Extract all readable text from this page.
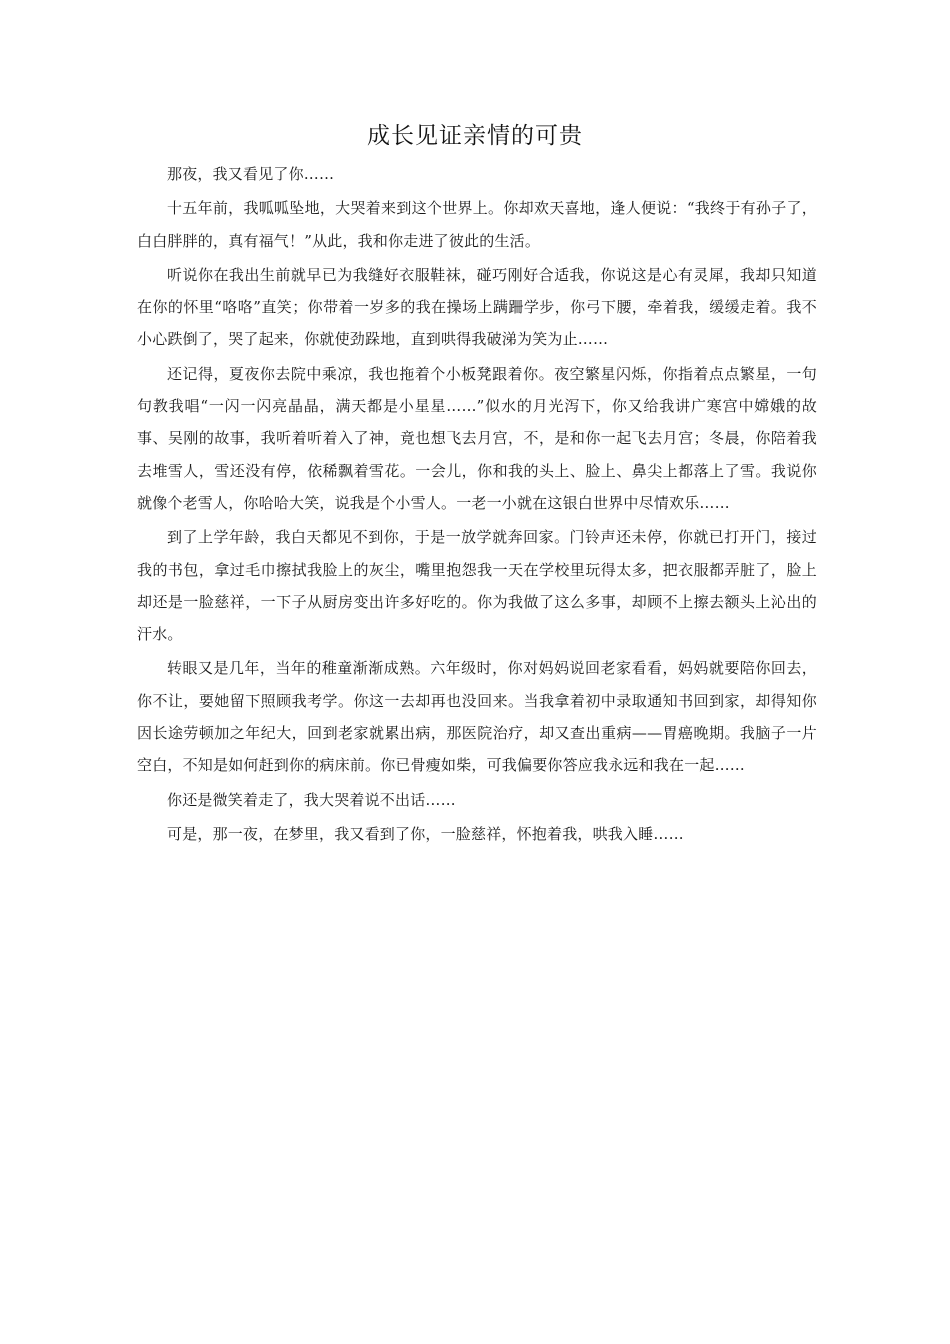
成长见证亲情的可贵

那夜，我又看见了你……

十五年前，我呱呱坠地，大哭着来到这个世界上。你却欢天喜地，逢人便说：“我终于有孙子了，白白胖胖的，真有福气！”从此，我和你走进了彼此的生活。

听说你在我出生前就早已为我缝好衣服鞋袜，碰巧刚好合适我，你说这是心有灵犀，我却只知道在你的怀里“咯咯”直笑；你带着一岁多的我在操场上蹒跚学步，你弓下腰，牵着我，缓缓走着。我不小心跌倒了，哭了起来，你就使劲跺地，直到哄得我破涕为笑为止……

还记得，夏夜你去院中乘凉，我也拖着个小板凳跟着你。夜空繁星闪烁，你指着点点繁星，一句句教我唱“一闪一闪亮晶晶，满天都是小星星……”似水的月光泻下，你又给我讲广寒宫中嫦娥的故事、吴刚的故事，我听着听着入了神，竟也想飞去月宫，不，是和你一起飞去月宫；冬晨，你陪着我去堆雪人，雪还没有停，依稀飘着雪花。一会儿，你和我的头上、脸上、鼻尖上都落上了雪。我说你就像个老雪人，你哈哈大笑，说我是个小雪人。一老一小就在这银白世界中尽情欢乐……

到了上学年龄，我白天都见不到你，于是一放学就奔回家。门铃声还未停，你就已打开门，接过我的书包，拿过毛巾擦拭我脸上的灰尘，嘴里抱怨我一天在学校里玩得太多，把衣服都弄脏了，脸上却还是一脸慈祥，一下子从厨房变出许多好吃的。你为我做了这么多事，却顾不上擦去额头上沁出的汗水。

转眼又是几年，当年的稚童渐渐成熟。六年级时，你对妈妈说回老家看看，妈妈就要陪你回去，你不让，要她留下照顾我考学。你这一去却再也没回来。当我拿着初中录取通知书回到家，却得知你因长途劳顿加之年纪大，回到老家就累出病，那医院治疗，却又查出重病——胃癌晚期。我脑子一片空白，不知是如何赶到你的病床前。你已骨瘦如柴，可我偏要你答应我永远和我在一起……

你还是微笑着走了，我大哭着说不出话……

可是，那一夜，在梦里，我又看到了你，一脸慈祥，怀抱着我，哄我入睡……
